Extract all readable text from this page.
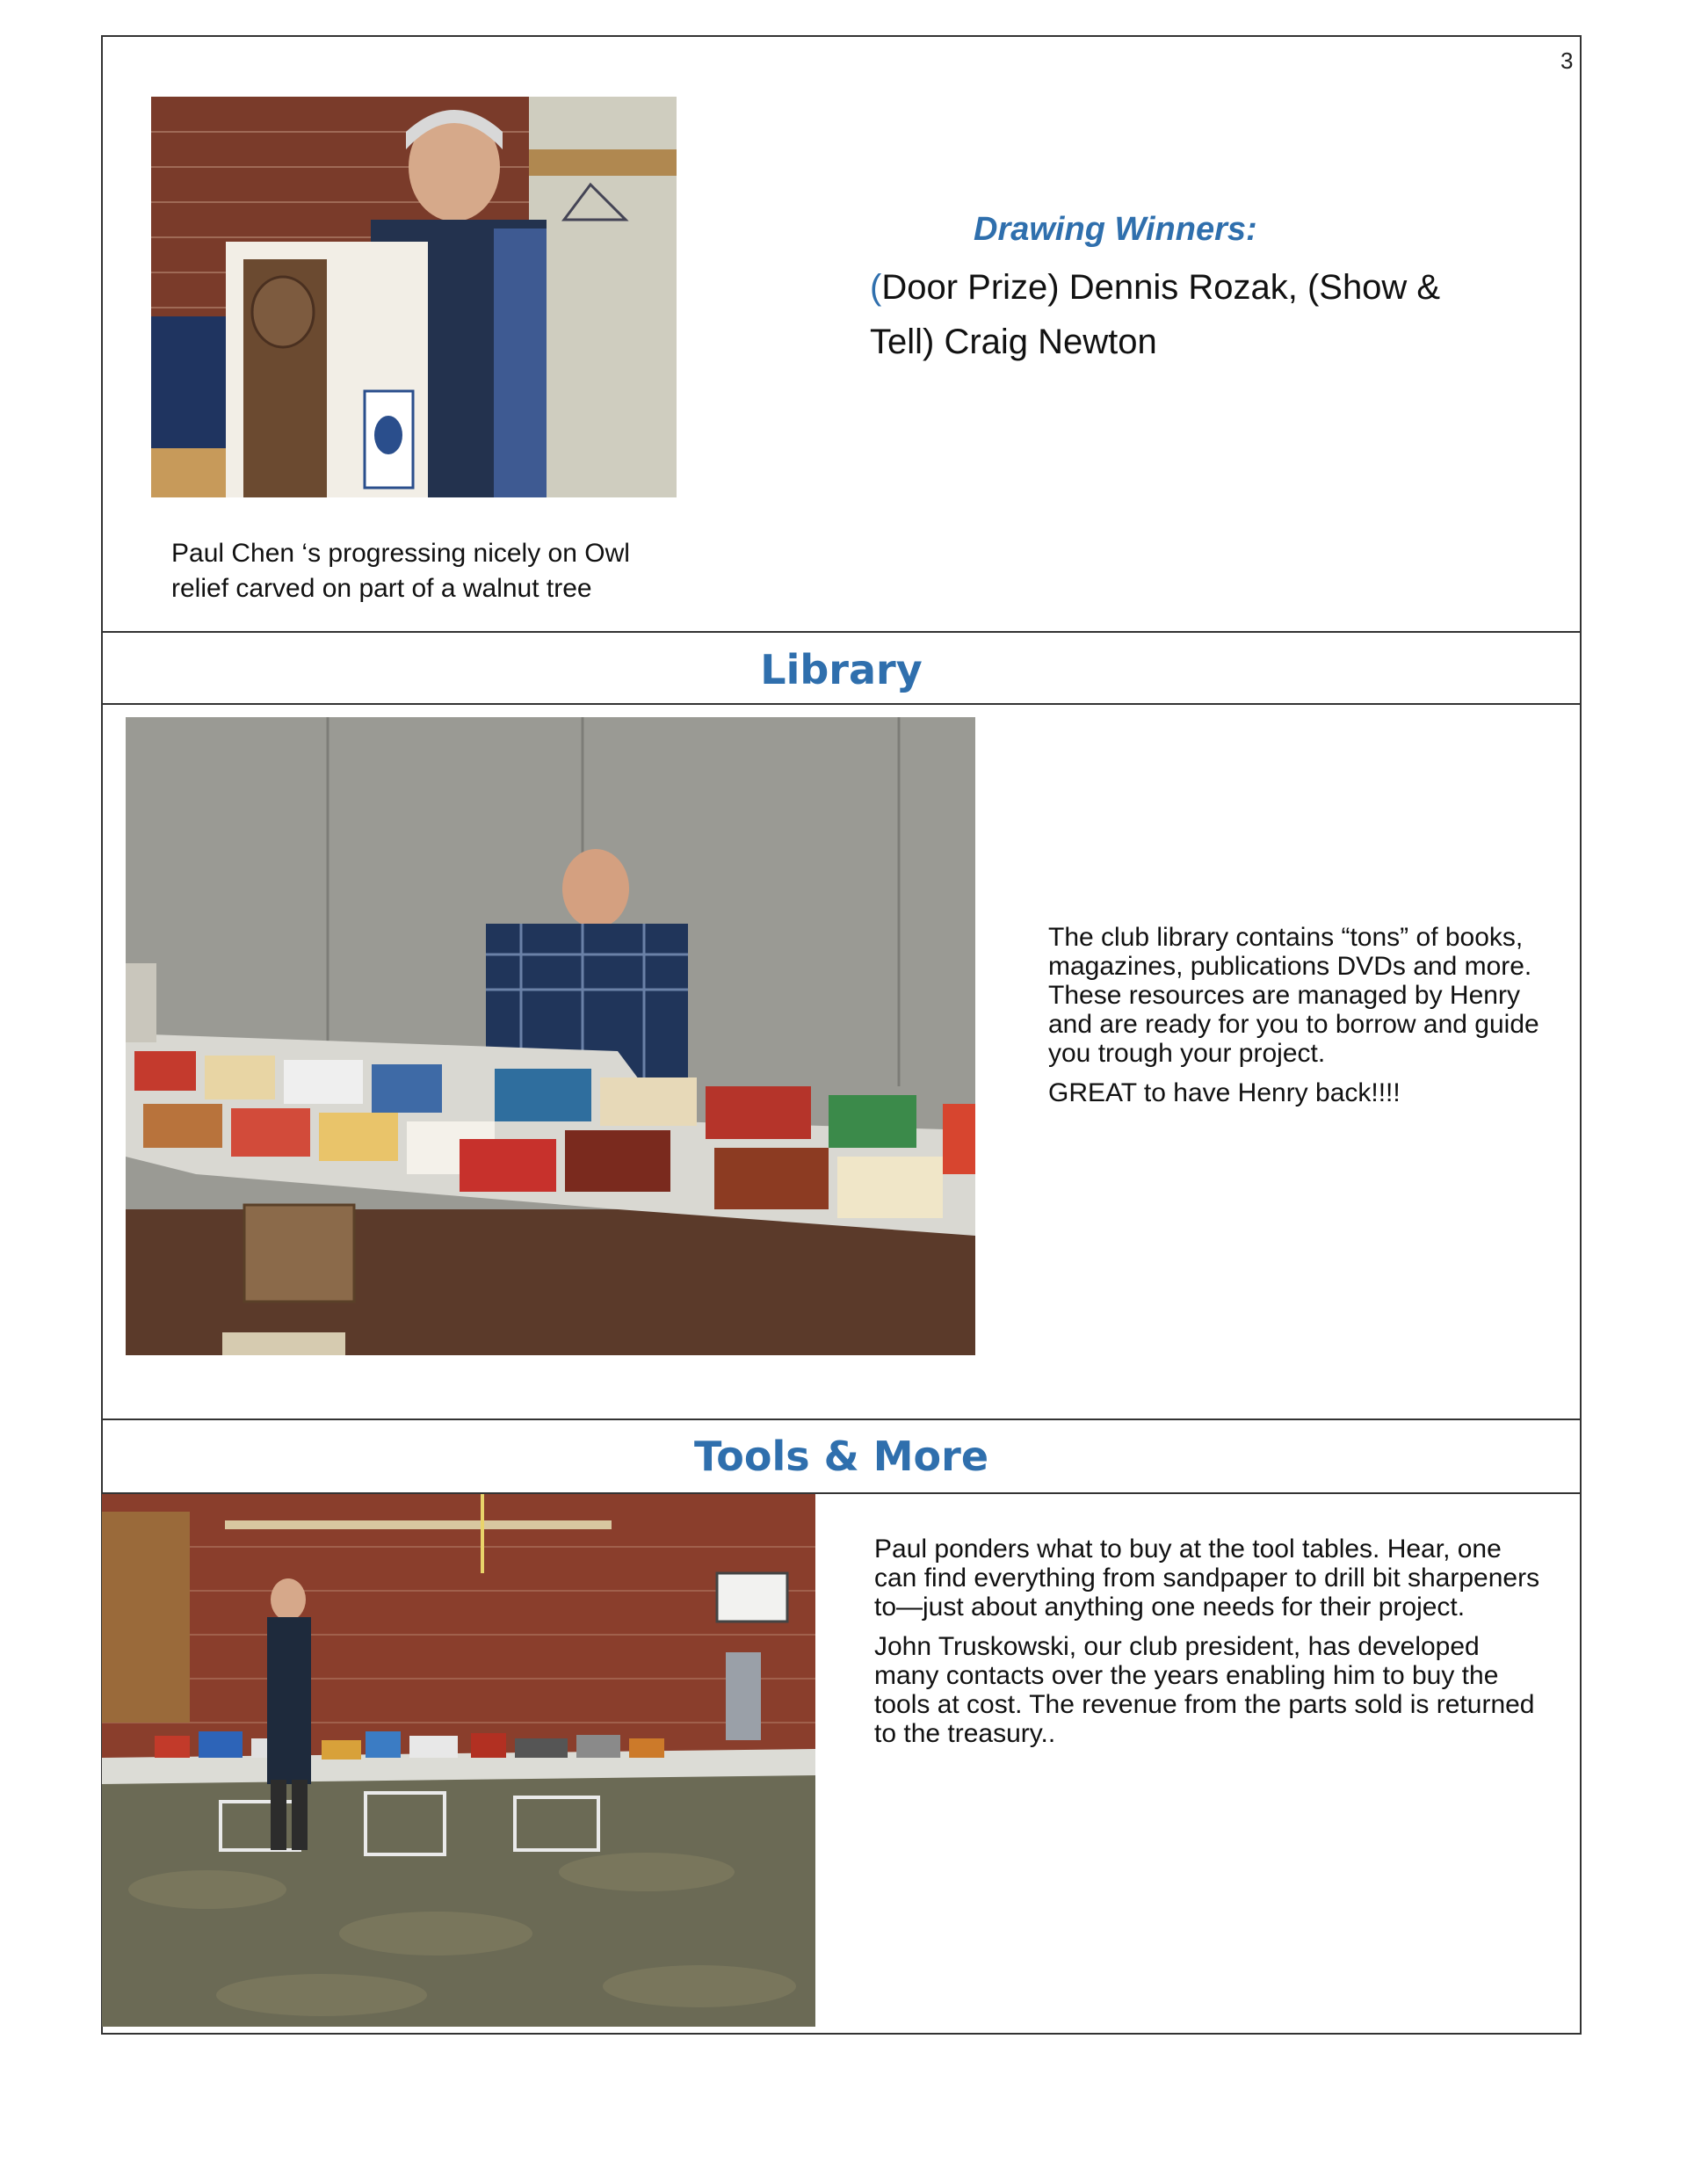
3
Paul Chen ‘s progressing nicely on Owl relief carved on part of a walnut tree
Drawing Winners:
(Door Prize) Dennis Rozak, (Show & Tell) Craig Newton
Library

The club library contains “tons” of books, magazines, publications DVDs and more. These resources are managed by Henry and are ready for you to borrow and guide you trough your project.

GREAT to have Henry back!!!!

Tools & More

Paul ponders what to buy at the tool tables. Hear, one can find everything from sandpaper to drill bit sharpeners to—just about anything one needs for their project.

John Truskowski, our club president, has developed many contacts over the years enabling him to buy the tools at cost. The revenue from the parts sold is returned to the treasury..
